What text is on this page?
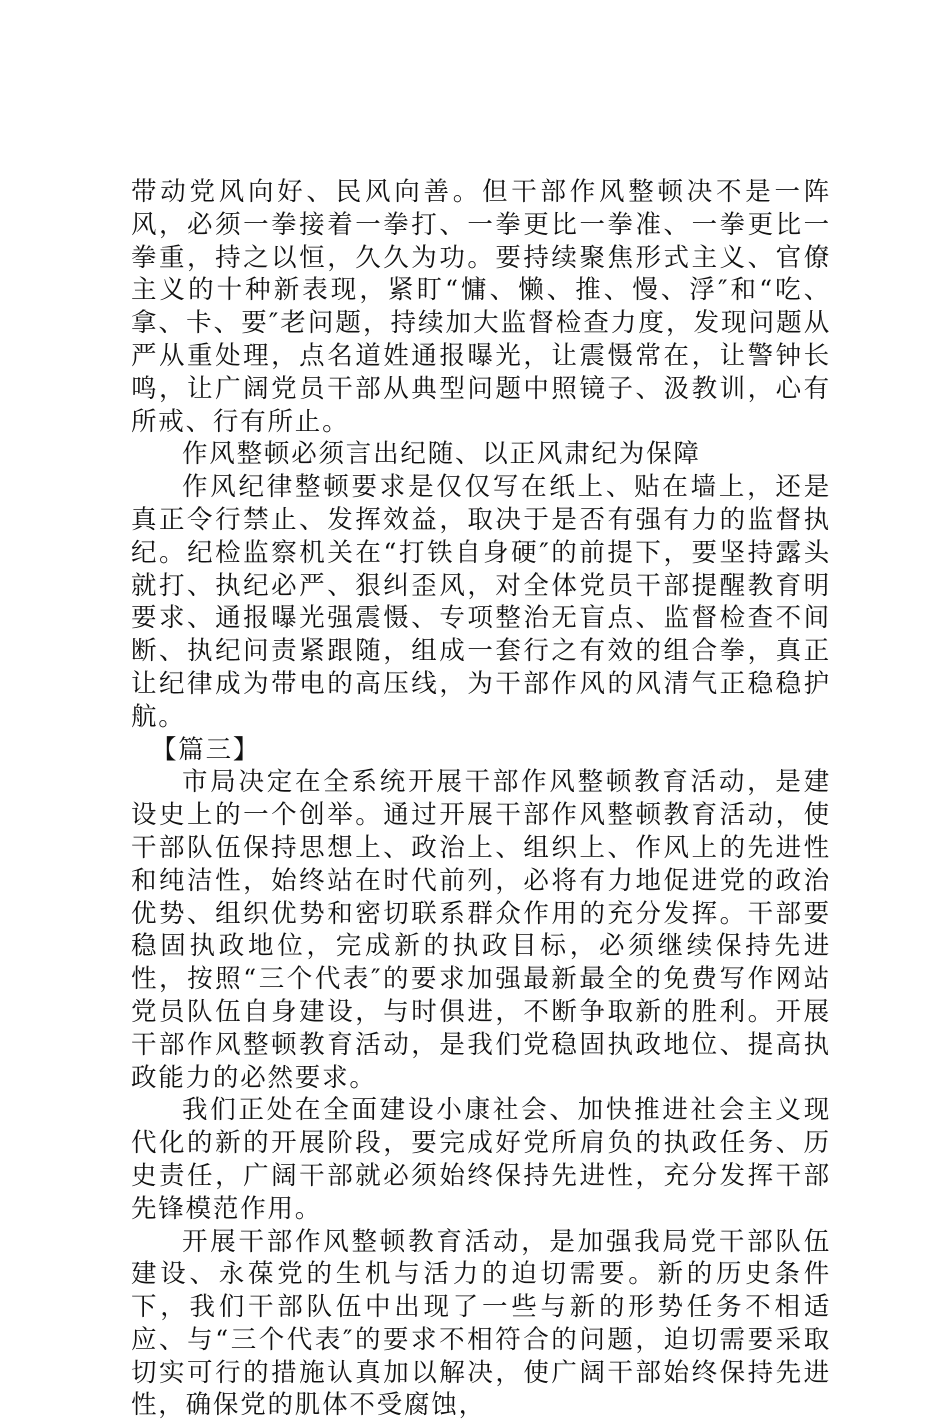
带动党风向好、民风向善。但干部作风整顿决不是一阵风，必须一拳接着一拳打、一拳更比一拳准、一拳更比一拳重，持之以恒，久久为功。要持续聚焦形式主义、官僚主义的十种新表现，紧盯“慵、懒、推、慢、浮″和“吃、拿、卡、要″老问题，持续加大监督检查力度，发现问题从严从重处理，点名道姓通报曝光，让震慑常在，让警钟长鸣，让广阔党员干部从典型问题中照镜子、汲教训，心有所戒、行有所止。

作风整顿必须言出纪随、以正风肃纪为保障

作风纪律整顿要求是仅仅写在纸上、贴在墙上，还是真正令行禁止、发挥效益，取决于是否有强有力的监督执纪。纪检监察机关在“打铁自身硬″的前提下，要坚持露头就打、执纪必严、狠纠歪风，对全体党员干部提醒教育明要求、通报曝光强震慑、专项整治无盲点、监督检查不间断、执纪问责紧跟随，组成一套行之有效的组合拳，真正让纪律成为带电的高压线，为干部作风的风清气正稳稳护航。

【篇三】

市局决定在全系统开展干部作风整顿教育活动，是建设史上的一个创举。通过开展干部作风整顿教育活动，使干部队伍保持思想上、政治上、组织上、作风上的先进性和纯洁性，始终站在时代前列，必将有力地促进党的政治优势、组织优势和密切联系群众作用的充分发挥。干部要稳固执政地位，完成新的执政目标，必须继续保持先进性，按照“三个代表″的要求加强最新最全的免费写作网站党员队伍自身建设，与时俱进，不断争取新的胜利。开展干部作风整顿教育活动，是我们党稳固执政地位、提高执政能力的必然要求。

我们正处在全面建设小康社会、加快推进社会主义现代化的新的开展阶段，要完成好党所肩负的执政任务、历史责任，广阔干部就必须始终保持先进性，充分发挥干部先锋模范作用。

开展干部作风整顿教育活动，是加强我局党干部队伍建设、永葆党的生机与活力的迫切需要。新的历史条件下，我们干部队伍中出现了一些与新的形势任务不相适应、与“三个代表″的要求不相符合的问题，迫切需要采取切实可行的措施认真加以解决，使广阔干部始终保持先进性，确保党的肌体不受腐蚀，
